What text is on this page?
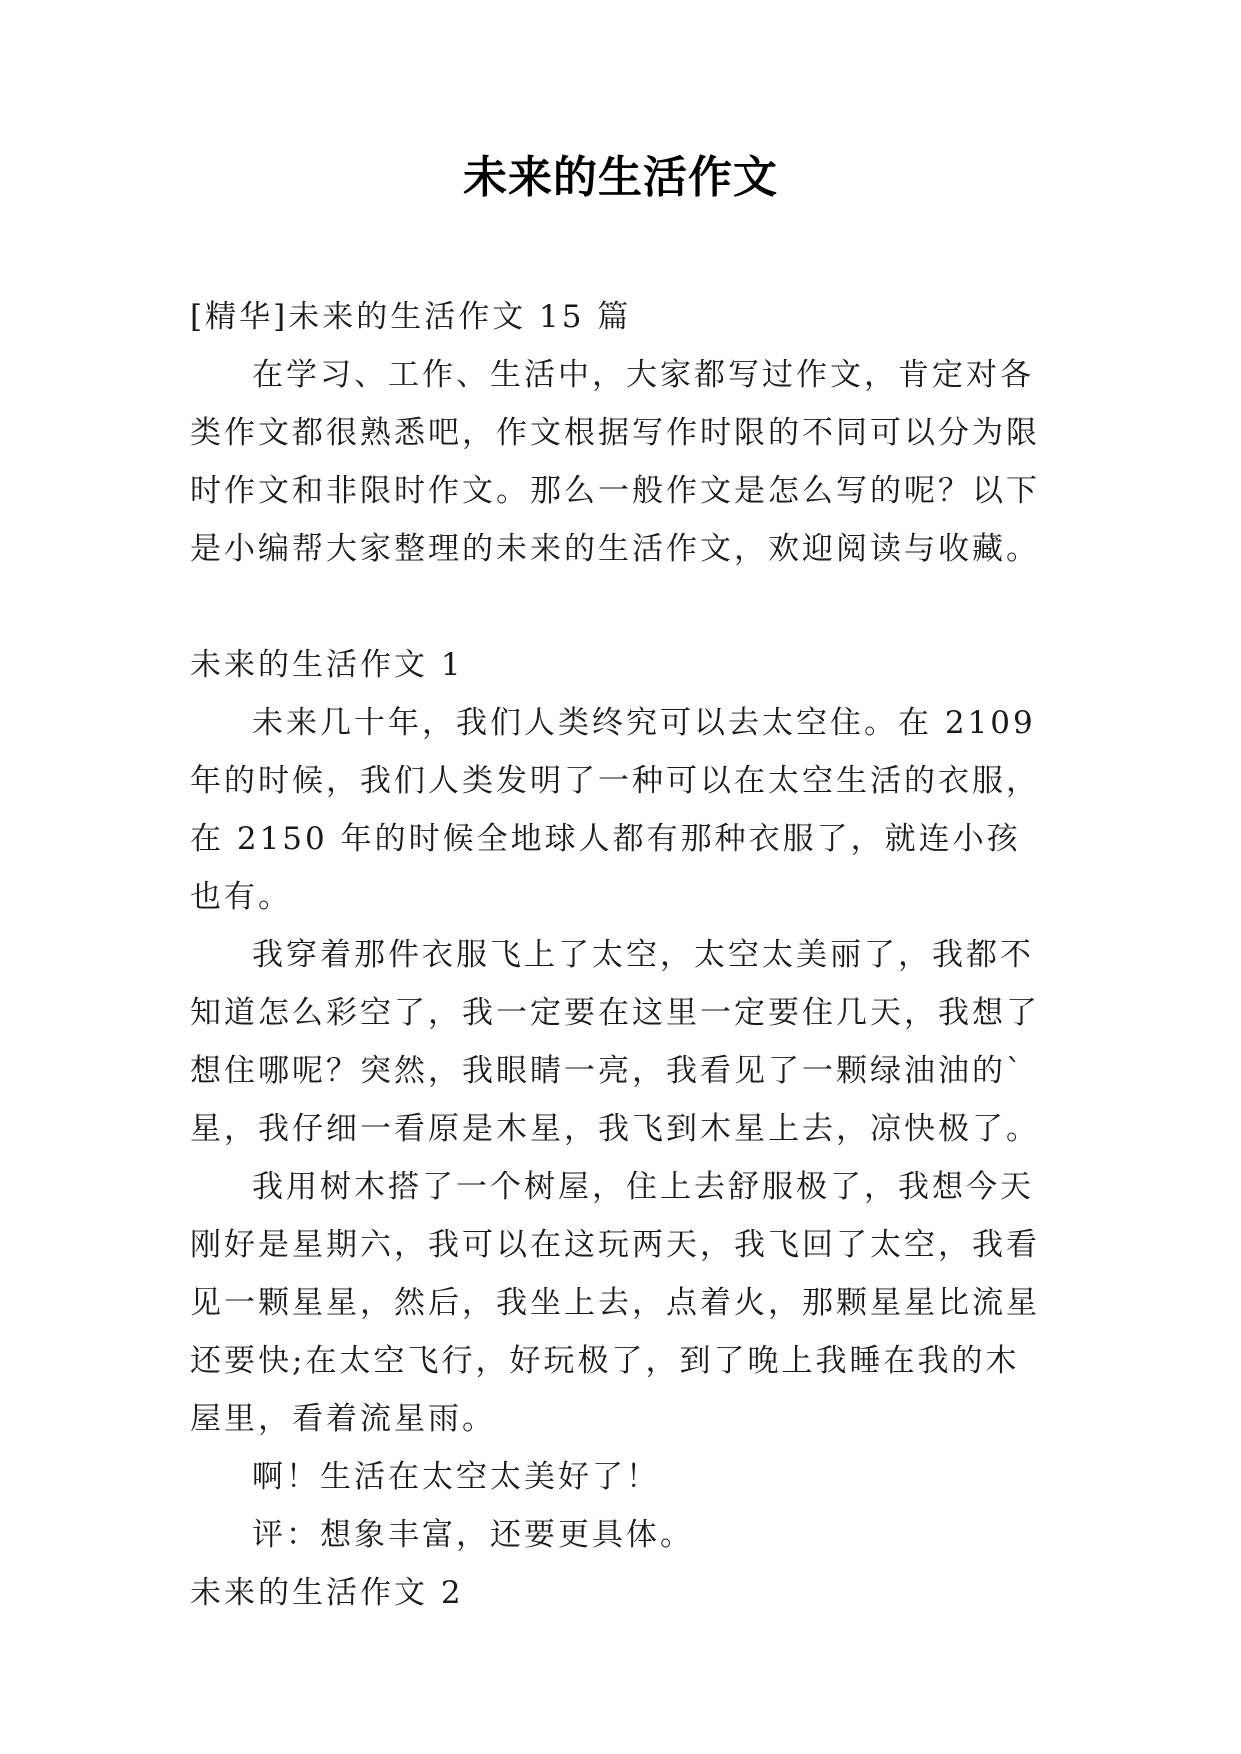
未来的生活作文

[精华]未来的生活作文 15 篇

在学习、工作、生活中，大家都写过作文，肯定对各类作文都很熟悉吧，作文根据写作时限的不同可以分为限时作文和非限时作文。那么一般作文是怎么写的呢？以下是小编帮大家整理的未来的生活作文，欢迎阅读与收藏。

未来的生活作文 1

未来几十年，我们人类终究可以去太空住。在 2109 年的时候，我们人类发明了一种可以在太空生活的衣服，在 2150 年的时候全地球人都有那种衣服了，就连小孩也有。

我穿着那件衣服飞上了太空，太空太美丽了，我都不知道怎么彩空了，我一定要在这里一定要住几天，我想了想住哪呢？突然，我眼睛一亮，我看见了一颗绿油油的`星，我仔细一看原是木星，我飞到木星上去，凉快极了。

我用树木搭了一个树屋，住上去舒服极了，我想今天刚好是星期六，我可以在这玩两天，我飞回了太空，我看见一颗星星，然后，我坐上去，点着火，那颗星星比流星还要快;在太空飞行，好玩极了，到了晚上我睡在我的木屋里，看着流星雨。

啊！生活在太空太美好了！

评：想象丰富，还要更具体。

未来的生活作文 2
